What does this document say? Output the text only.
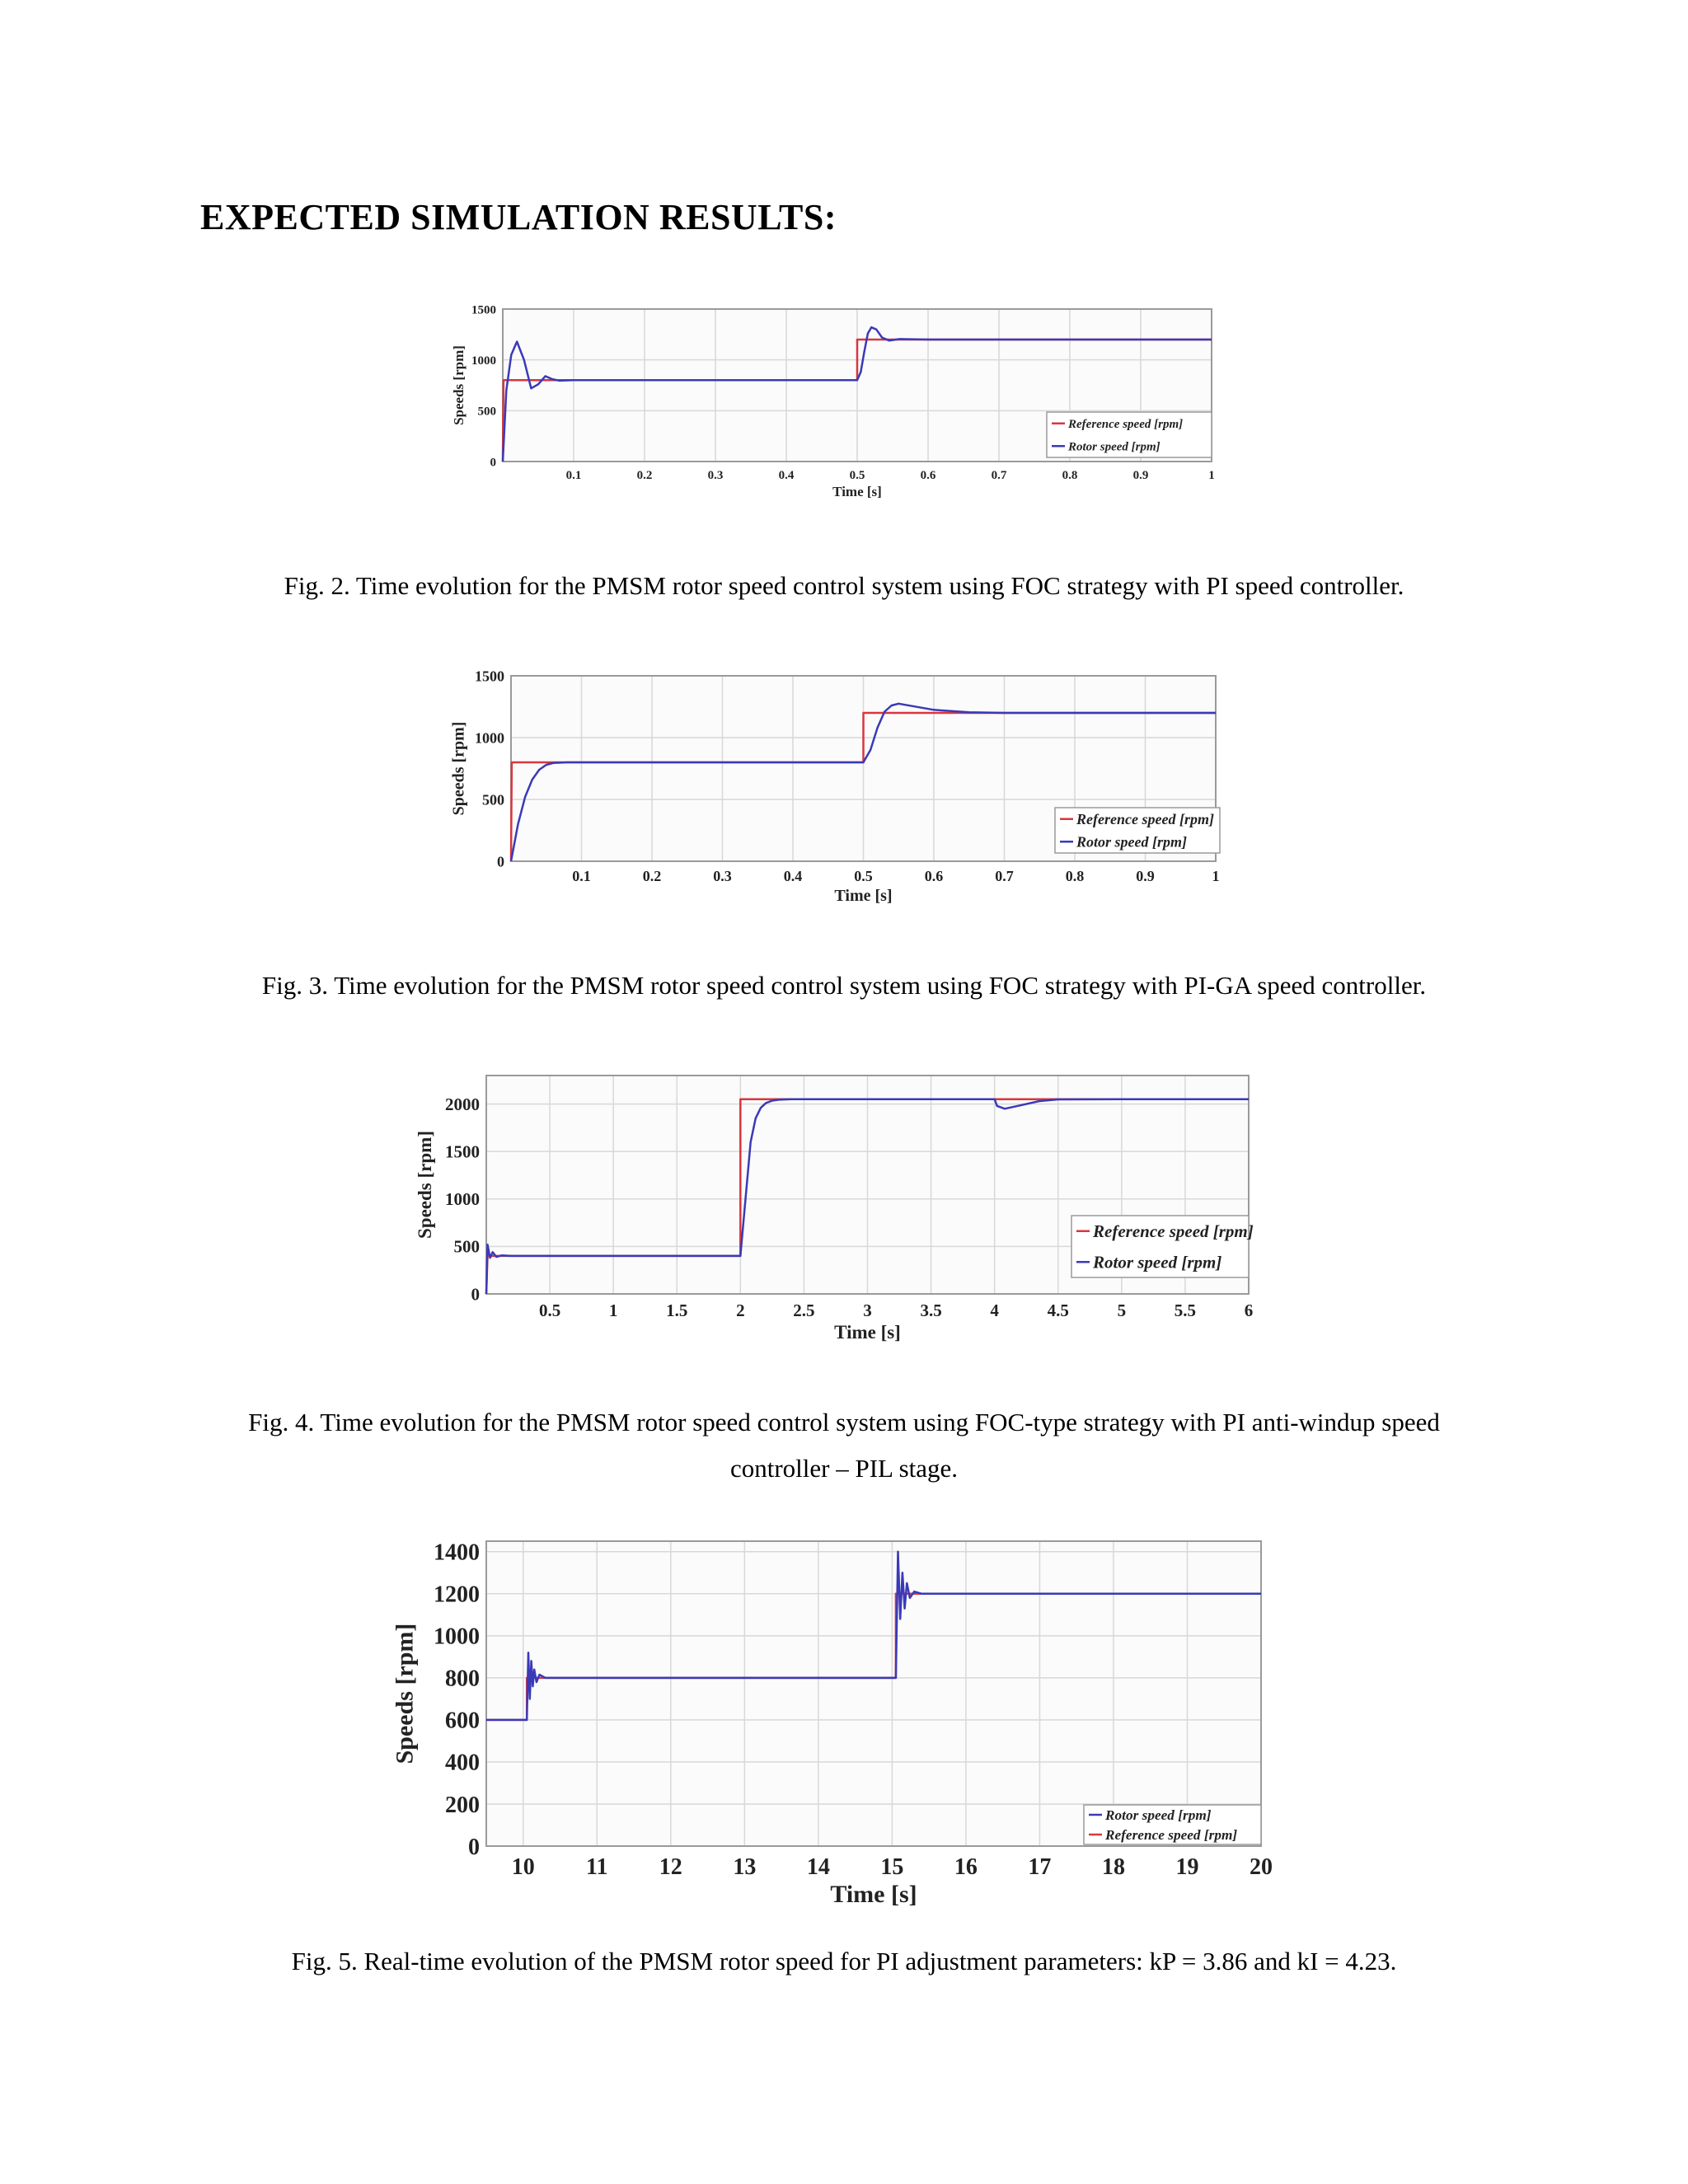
EXPECTED SIMULATION RESULTS:
0.1	0.2	0.3	0.4	0.5	0.6	0.7	0.8	0.9	1
0
500
1000
1500
Time [s]
Speeds [rpm]	Reference speed [rpm]
Rotor speed [rpm]

Fig. 2. Time evolution for the PMSM rotor speed control system using FOC strategy with PI speed controller.

0.1	0.2	0.3	0.4	0.5	0.6	0.7	0.8	0.9	1
0
500
1000
1500
Time [s]
Speeds [rpm]
Reference speed [rpm]
Rotor speed [rpm]

Fig. 3. Time evolution for the PMSM rotor speed control system using FOC strategy with PI-GA speed controller.

0.5	1	1.5	2	2.5	3	3.5	4	4.5	5	5.5	6
0
500
1000
1500
2000
Time [s]
Speeds [rpm]	Reference speed [rpm]
Rotor speed [rpm]

Fig. 4. Time evolution for the PMSM rotor speed control system using FOC-type strategy with PI anti-windup speed

controller – PIL stage.

10 11 12 13 14 15 16 17 18 19 20
0
200
400
600
800
1000
1200
1400
Time [s]
Speeds [rpm]
Rotor speed [rpm]
Reference speed [rpm]

Fig. 5. Real-time evolution of the PMSM rotor speed for PI adjustment parameters: kP = 3.86 and kI = 4.23.
